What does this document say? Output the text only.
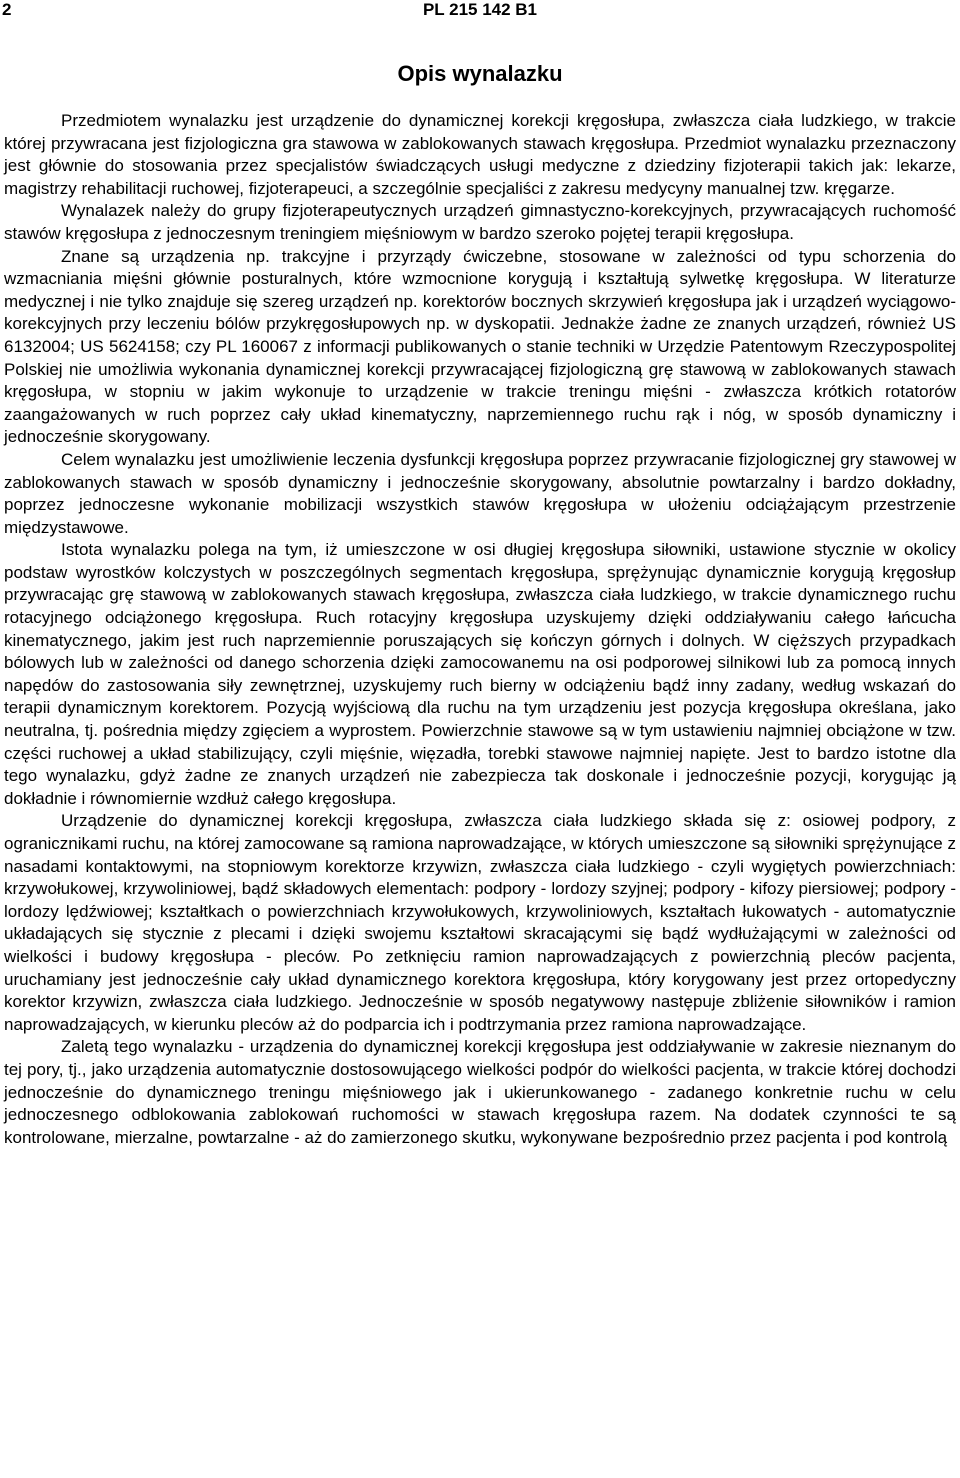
2	PL 215 142 B1
Opis wynalazku

Przedmiotem wynalazku jest urządzenie do dynamicznej korekcji kręgosłupa, zwłaszcza ciała ludzkiego, w trakcie której przywracana jest fizjologiczna gra stawowa w zablokowanych stawach kręgosłupa. Przedmiot wynalazku przeznaczony jest głównie do stosowania przez specjalistów świadczących usługi medyczne z dziedziny fizjoterapii takich jak: lekarze, magistrzy rehabilitacji ruchowej, fizjoterapeuci, a szczególnie specjaliści z zakresu medycyny manualnej tzw. kręgarze.

Wynalazek należy do grupy fizjoterapeutycznych urządzeń gimnastyczno-korekcyjnych, przywracających ruchomość stawów kręgosłupa z jednoczesnym treningiem mięśniowym w bardzo szeroko pojętej terapii kręgosłupa.

Znane są urządzenia np. trakcyjne i przyrządy ćwiczebne, stosowane w zależności od typu schorzenia do wzmacniania mięśni głównie posturalnych, które wzmocnione korygują i kształtują sylwetkę kręgosłupa. W literaturze medycznej i nie tylko znajduje się szereg urządzeń np. korektorów bocznych skrzywień kręgosłupa jak i urządzeń wyciągowo-korekcyjnych przy leczeniu bólów przykręgosłupowych np. w dyskopatii. Jednakże żadne ze znanych urządzeń, również US 6132004; US 5624158; czy PL 160067 z informacji publikowanych o stanie techniki w Urzędzie Patentowym Rzeczypospolitej Polskiej nie umożliwia wykonania dynamicznej korekcji przywracającej fizjologiczną grę stawową w zablokowanych stawach kręgosłupa, w stopniu w jakim wykonuje to urządzenie w trakcie treningu mięśni - zwłaszcza krótkich rotatorów zaangażowanych w ruch poprzez cały układ kinematyczny, naprzemiennego ruchu rąk i nóg, w sposób dynamiczny i jednocześnie skorygowany.

Celem wynalazku jest umożliwienie leczenia dysfunkcji kręgosłupa poprzez przywracanie fizjologicznej gry stawowej w zablokowanych stawach w sposób dynamiczny i jednocześnie skorygowany, absolutnie powtarzalny i bardzo dokładny, poprzez jednoczesne wykonanie mobilizacji wszystkich stawów kręgosłupa w ułożeniu odciążającym przestrzenie międzystawowe.

Istota wynalazku polega na tym, iż umieszczone w osi długiej kręgosłupa siłowniki, ustawione stycznie w okolicy podstaw wyrostków kolczystych w poszczególnych segmentach kręgosłupa, sprężynując dynamicznie korygują kręgosłup przywracając grę stawową w zablokowanych stawach kręgosłupa, zwłaszcza ciała ludzkiego, w trakcie dynamicznego ruchu rotacyjnego odciążonego kręgosłupa. Ruch rotacyjny kręgosłupa uzyskujemy dzięki oddziaływaniu całego łańcucha kinematycznego, jakim jest ruch naprzemiennie poruszających się kończyn górnych i dolnych. W cięższych przypadkach bólowych lub w zależności od danego schorzenia dzięki zamocowanemu na osi podporowej silnikowi lub za pomocą innych napędów do zastosowania siły zewnętrznej, uzyskujemy ruch bierny w odciążeniu bądź inny zadany, według wskazań do terapii dynamicznym korektorem. Pozycją wyjściową dla ruchu na tym urządzeniu jest pozycja kręgosłupa określana, jako neutralna, tj. pośrednia między zgięciem a wyprostem. Powierzchnie stawowe są w tym ustawieniu najmniej obciążone w tzw. części ruchowej a układ stabilizujący, czyli mięśnie, więzadła, torebki stawowe najmniej napięte. Jest to bardzo istotne dla tego wynalazku, gdyż żadne ze znanych urządzeń nie zabezpiecza tak doskonale i jednocześnie pozycji, korygując ją dokładnie i równomiernie wzdłuż całego kręgosłupa.

Urządzenie do dynamicznej korekcji kręgosłupa, zwłaszcza ciała ludzkiego składa się z: osiowej podpory, z ogranicznikami ruchu, na której zamocowane są ramiona naprowadzające, w których umieszczone są siłowniki sprężynujące z nasadami kontaktowymi, na stopniowym korektorze krzywizn, zwłaszcza ciała ludzkiego - czyli wygiętych powierzchniach: krzywołukowej, krzywoliniowej, bądź składowych elementach: podpory - lordozy szyjnej; podpory - kifozy piersiowej; podpory - lordozy lędźwiowej; kształtkach o powierzchniach krzywołukowych, krzywoliniowych, kształtach łukowatych - automatycznie układających się stycznie z plecami i dzięki swojemu kształtowi skracającymi się bądź wydłużającymi w zależności od wielkości i budowy kręgosłupa - pleców. Po zetknięciu ramion naprowadzających z powierzchnią pleców pacjenta, uruchamiany jest jednocześnie cały układ dynamicznego korektora kręgosłupa, który korygowany jest przez ortopedyczny korektor krzywizn, zwłaszcza ciała ludzkiego. Jednocześnie w sposób negatywowy następuje zbliżenie siłowników i ramion naprowadzających, w kierunku pleców aż do podparcia ich i podtrzymania przez ramiona naprowadzające.

Zaletą tego wynalazku - urządzenia do dynamicznej korekcji kręgosłupa jest oddziaływanie w zakresie nieznanym do tej pory, tj., jako urządzenia automatycznie dostosowującego wielkości podpór do wielkości pacjenta, w trakcie której dochodzi jednocześnie do dynamicznego treningu mięśniowego jak i ukierunkowanego - zadanego konkretnie ruchu w celu jednoczesnego odblokowania zablokowań ruchomości w stawach kręgosłupa razem. Na dodatek czynności te są kontrolowane, mierzalne, powtarzalne - aż do zamierzonego skutku, wykonywane bezpośrednio przez pacjenta i pod kontrolą
